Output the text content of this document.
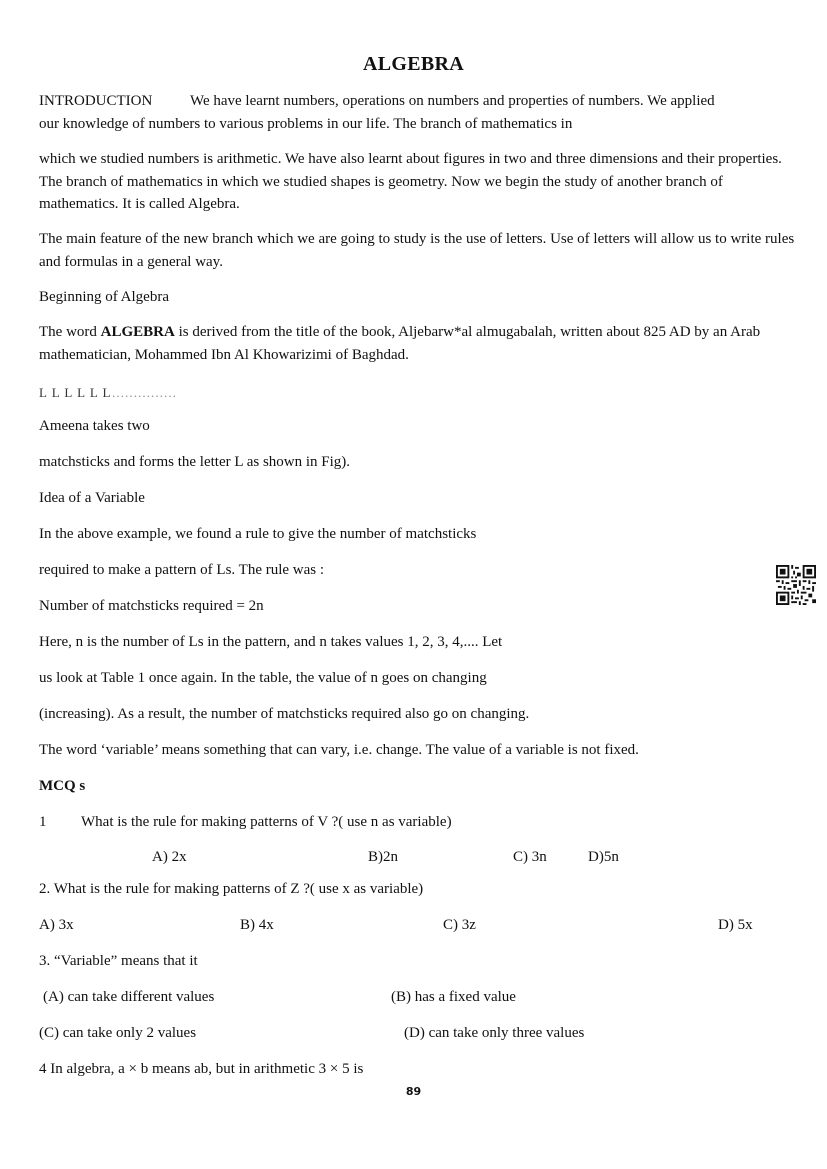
ALGEBRA
INTRODUCTION	We have learnt numbers, operations on numbers and properties of numbers. We applied
our knowledge of numbers to various problems in our life. The branch of mathematics in
which we studied numbers is arithmetic. We have also learnt about figures in two and three dimensions and their properties. The branch of mathematics in which we studied shapes is geometry. Now we begin the study of another branch of mathematics. It is called Algebra.
The main feature of the new branch which we are going to study is the use of letters. Use of letters will allow us to write rules and formulas in a general way.
Beginning of Algebra
The word ALGEBRA is derived from the title of the book, Aljebarw*al almugabalah, written about 825 AD by an Arab mathematician, Mohammed Ibn Al Khowarizimi of Baghdad.
L L L L L L……………
Ameena takes two
matchsticks and forms the letter L as shown in Fig).
Idea of a Variable
In the above example, we found a rule to give the number of matchsticks
required to make a pattern of Ls. The rule was :
Number of matchsticks required = 2n
Here, n is the number of Ls in the pattern, and n takes values 1, 2, 3, 4,.... Let
us look at Table 1 once again. In the table, the value of n goes on changing
(increasing). As a result, the number of matchsticks required also go on changing.
The word ‘variable’ means something that can vary, i.e. change. The value of a variable is not fixed.
MCQ s
1 What is the rule for making patterns of V ?( use n as variable)
A) 2x	B)2n	C) 3n	D)5n
2. What is the rule for making patterns of Z ?( use x as variable)
A) 3x	B) 4x	C) 3z	D) 5x
3. “Variable” means that it
(A) can take different values	(B) has a fixed value
(C) can take only 2 values	(D) can take only three values
4 In algebra, a × b means ab, but in arithmetic 3 × 5 is
89
